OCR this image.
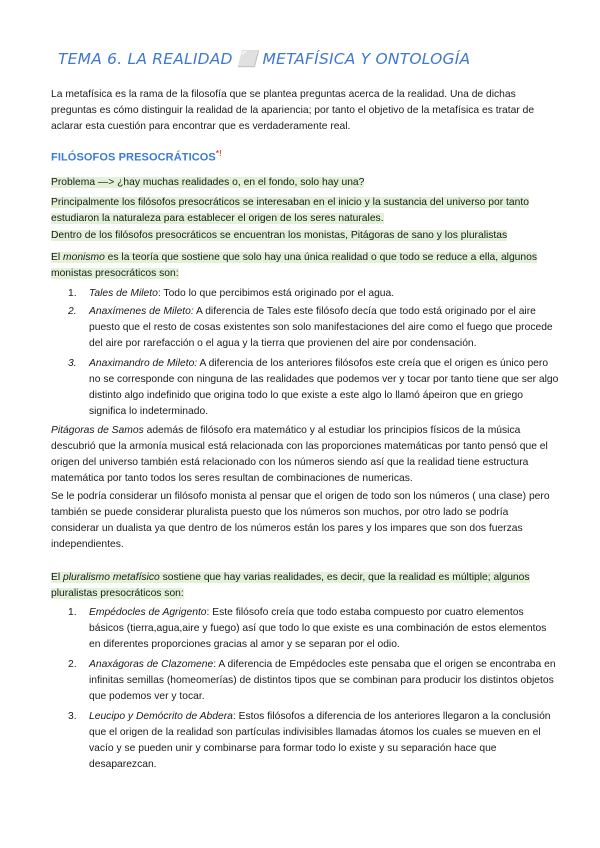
TEMA 6. LA REALIDAD ⬜ METAFÍSICA Y ONTOLOGÍA
La metafísica es la rama de la filosofía que se plantea preguntas acerca de la realidad. Una de dichas preguntas es cómo distinguir la realidad de la apariencia; por tanto el objetivo de la metafísica es tratar de aclarar esta cuestión para encontrar que es verdaderamente real.
FILÓSOFOS PRESOCRÁTICOS*!
Problema —> ¿hay muchas realidades o, en el fondo, solo hay una?
Principalmente los filósofos presocráticos se interesaban en el inicio y la sustancia del universo por tanto estudiaron la naturaleza para establecer el origen de los seres naturales.
Dentro de los filósofos presocráticos se encuentran los monistas, Pitágoras de sano y los pluralistas
El monismo es la teoría que sostiene que solo hay una única realidad o que todo se reduce a ella, algunos monistas presocráticos son:
1. Tales de Mileto: Todo lo que percibimos está originado por el agua.
2. Anaxímenes de Mileto: A diferencia de Tales este filósofo decía que todo está originado por el aire puesto que el resto de cosas existentes son solo manifestaciones del aire como el fuego que procede del aire por rarefacción o el agua y la tierra que provienen del aire por condensación.
3. Anaximandro de Mileto: A diferencia de los anteriores filósofos este creía que el origen es único pero no se corresponde con ninguna de las realidades que podemos ver y tocar por tanto tiene que ser algo distinto algo indefinido que origina todo lo que existe a este algo lo llamó ápeiron que en griego significa lo indeterminado.
Pitágoras de Samos además de filósofo era matemático y al estudiar los principios físicos de la música descubrió que la armonía musical está relacionada con las proporciones matemáticas por tanto pensó que el origen del universo también está relacionado con los números siendo así que la realidad tiene estructura matemática por tanto todos los seres resultan de combinaciones de numericas.
Se le podría considerar un filósofo monista al pensar que el origen de todo son los números ( una clase) pero también se puede considerar pluralista puesto que los números son muchos, por otro lado se podría considerar un dualista ya que dentro de los números están los pares y los impares que son dos fuerzas independientes.
El pluralismo metafísico sostiene que hay varias realidades, es decir, que la realidad es múltiple; algunos pluralistas presocráticos son:
1. Empédocles de Agrigento: Este filósofo creía que todo estaba compuesto por cuatro elementos básicos (tierra,agua,aire y fuego) así que todo lo que existe es una combinación de estos elementos en diferentes proporciones gracias al amor y se separan por el odio.
2. Anaxágoras de Clazomene: A diferencia de Empédocles este pensaba que el origen se encontraba en infinitas semillas (homeomerías) de distintos tipos que se combinan para producir los distintos objetos que podemos ver y tocar.
3. Leucipo y Demócrito de Abdera: Estos filósofos a diferencia de los anteriores llegaron a la conclusión que el origen de la realidad son partículas indivisibles llamadas átomos los cuales se mueven en el vacío y se pueden unir y combinarse para formar todo lo existe y su separación hace que desaparezcan.
